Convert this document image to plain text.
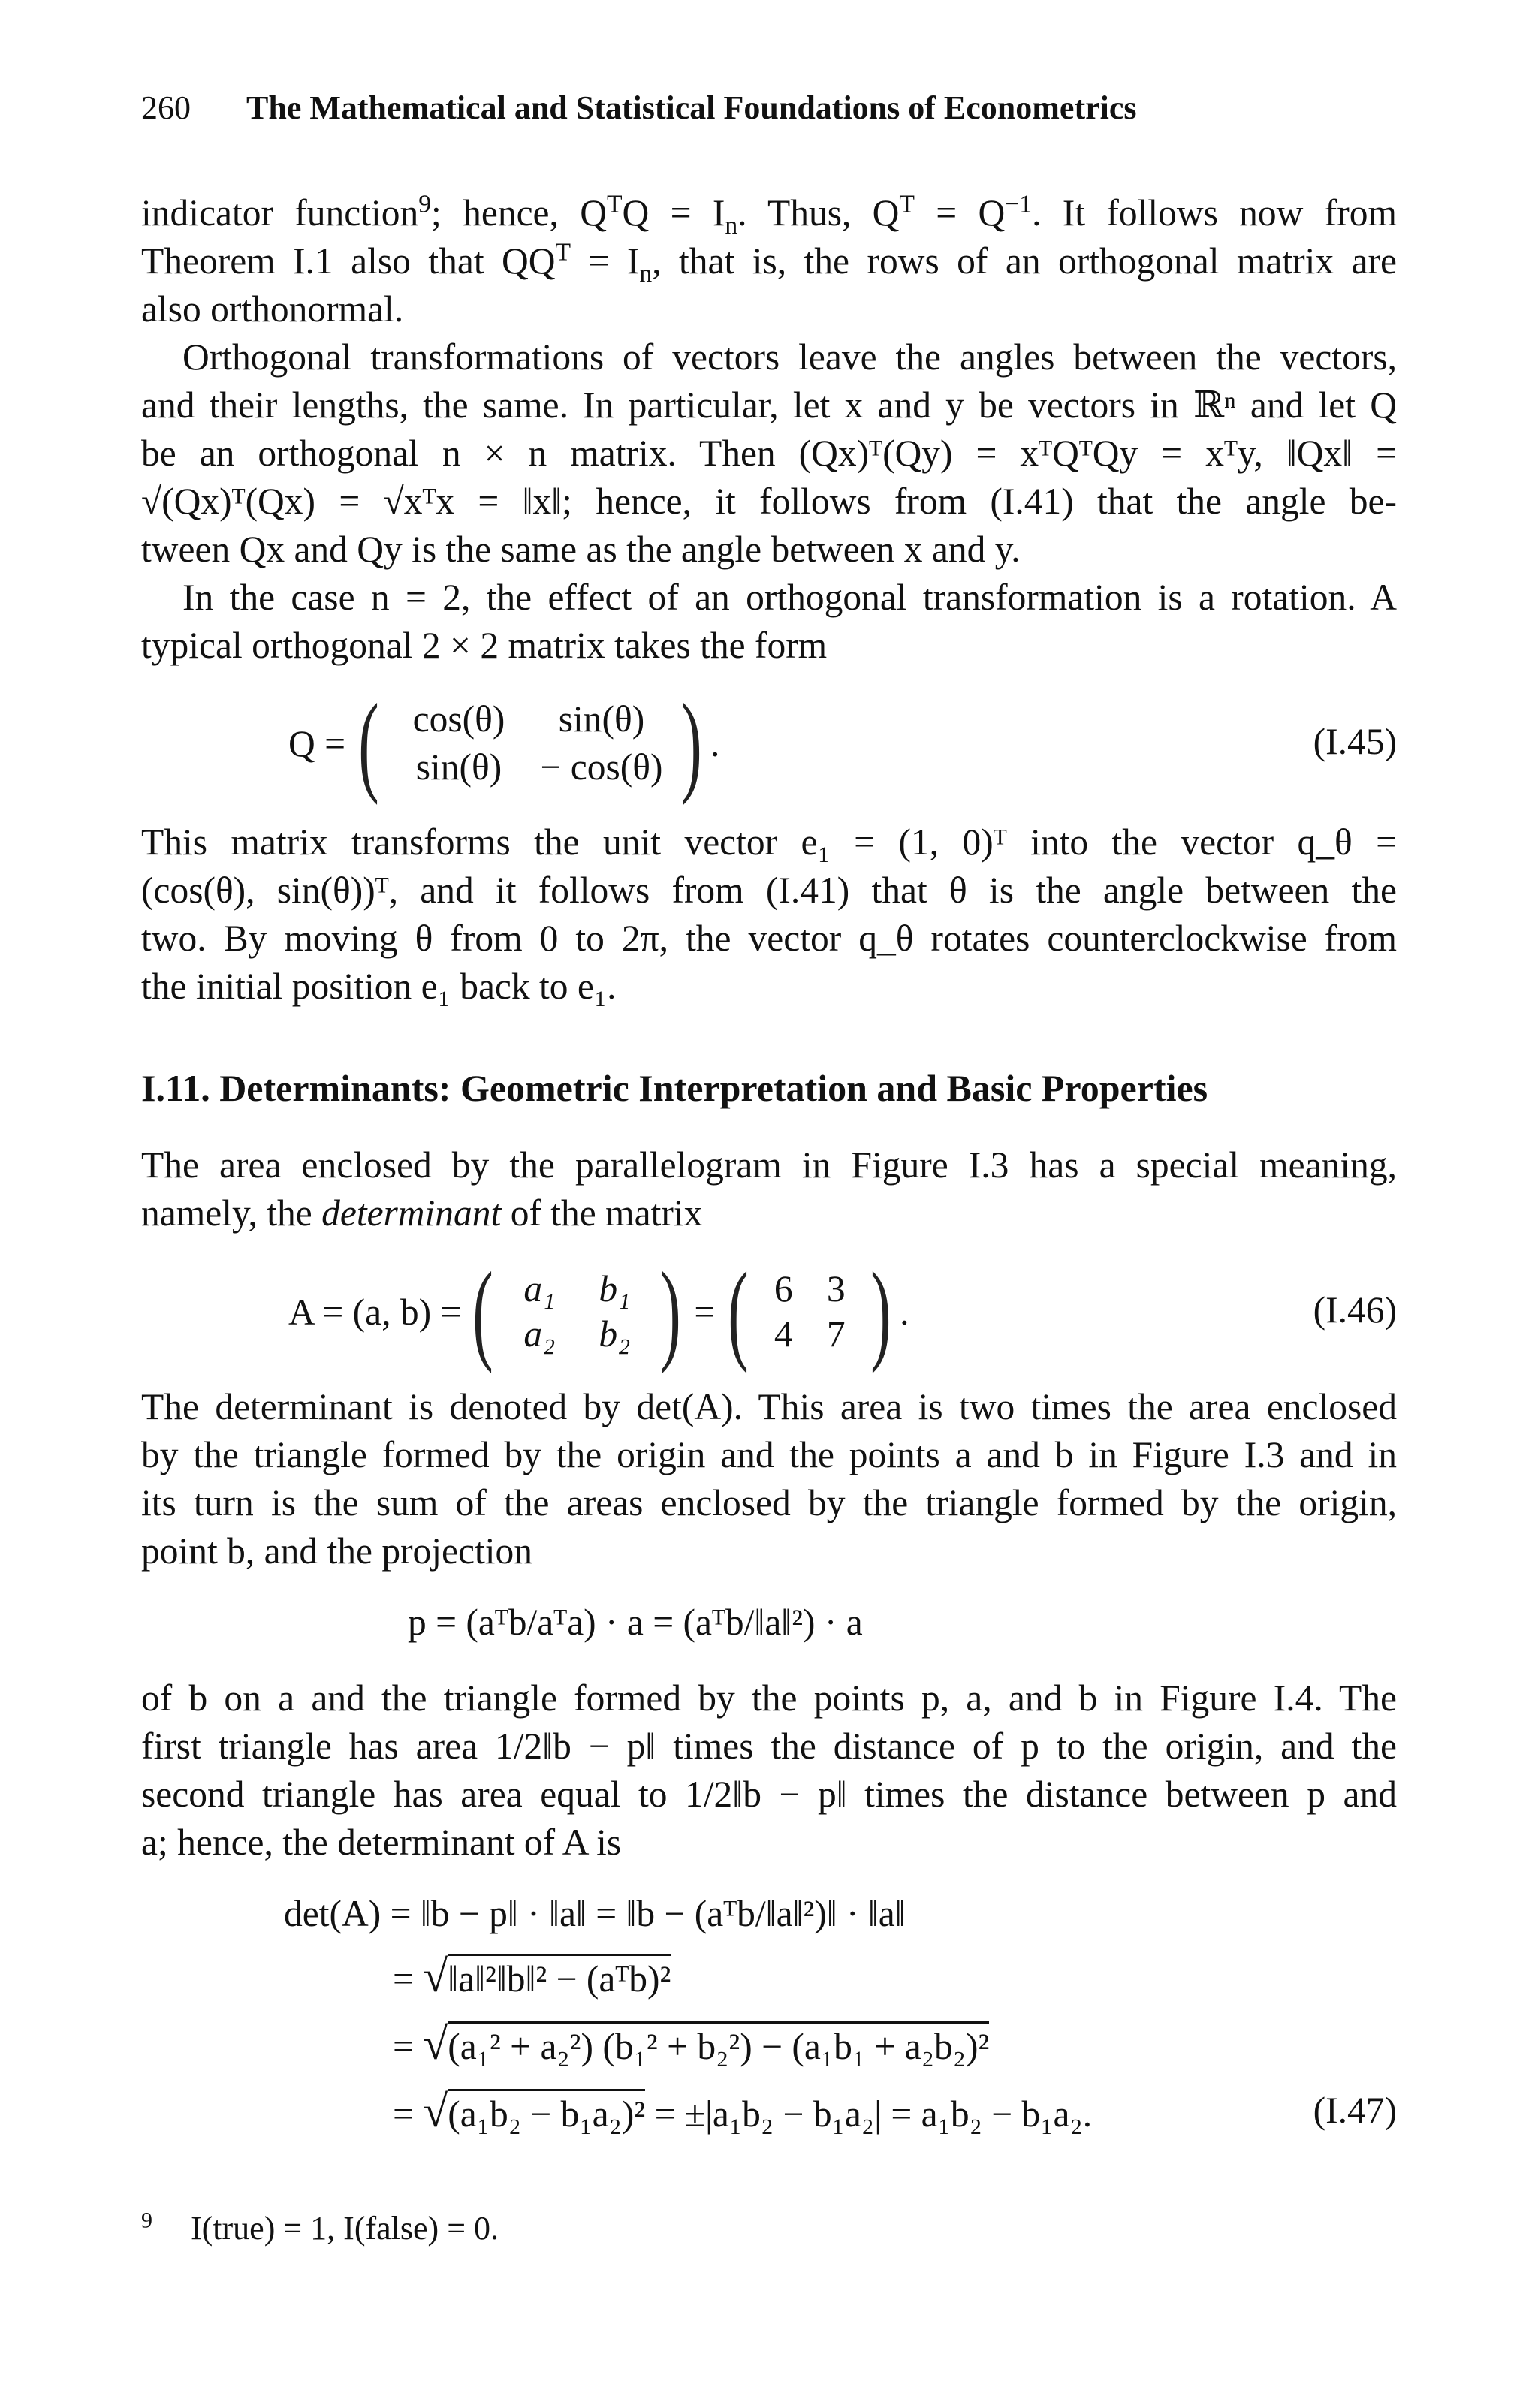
260 The Mathematical and Statistical Foundations of Econometrics
indicator function$^9$; hence, $Q^TQ = I_n$. Thus, $Q^T = Q^{-1}$. It follows now from
Theorem I.1 also that $QQ^T = I_n$, that is, the rows of an orthogonal matrix are
also orthonormal.
Orthogonal transformations of vectors leave the angles between the vectors,
and their lengths, the same. In particular, let x and y be vectors in ℝⁿ and let Q
be an orthogonal n × n matrix. Then (Qx)ᵀ(Qy) = xᵀQᵀQy = xᵀy, ‖Qx‖ =
√(Qx)ᵀ(Qx) = √xᵀx = ‖x‖; hence, it follows from (I.41) that the angle be-
tween Qx and Qy is the same as the angle between x and y.
In the case n = 2, the effect of an orthogonal transformation is a rotation. A
typical orthogonal 2 × 2 matrix takes the form
Q = ( cos(θ)	sin(θ)
sin(θ)	− cos(θ) ) .	(I.45)
This matrix transforms the unit vector e₁ = (1, 0)ᵀ into the vector q_θ =
(cos(θ), sin(θ))ᵀ, and it follows from (I.41) that θ is the angle between the
two. By moving θ from 0 to 2π, the vector q_θ rotates counterclockwise from
the initial position e₁ back to e₁.
I.11. Determinants: Geometric Interpretation and Basic Properties
The area enclosed by the parallelogram in Figure I.3 has a special meaning,
namely, the determinant of the matrix
A = (a, b) = ( a₁	b₁
a₂	b₂ ) = ( 6 3
4 7 ) .	(I.46)
The determinant is denoted by det(A). This area is two times the area enclosed
by the triangle formed by the origin and the points a and b in Figure I.3 and in
its turn is the sum of the areas enclosed by the triangle formed by the origin,
point b, and the projection
p = (aᵀb/aᵀa) · a = (aᵀb/‖a‖²) · a
of b on a and the triangle formed by the points p, a, and b in Figure I.4. The
first triangle has area 1/2‖b − p‖ times the distance of p to the origin, and the
second triangle has area equal to 1/2‖b − p‖ times the distance between p and
a; hence, the determinant of A is
det(A) = ‖b − p‖ · ‖a‖ = ‖b − (aᵀb/‖a‖²)‖ · ‖a‖
= √‖a‖²‖b‖² − (aᵀb)²
= √(a₁² + a₂²) (b₁² + b₂²) − (a₁b₁ + a₂b₂)²
= √(a₁b₂ − b₁a₂)² = ±|a₁b₂ − b₁a₂| = a₁b₂ − b₁a₂.	(I.47)
$^9$ I(true) = 1, I(false) = 0.
